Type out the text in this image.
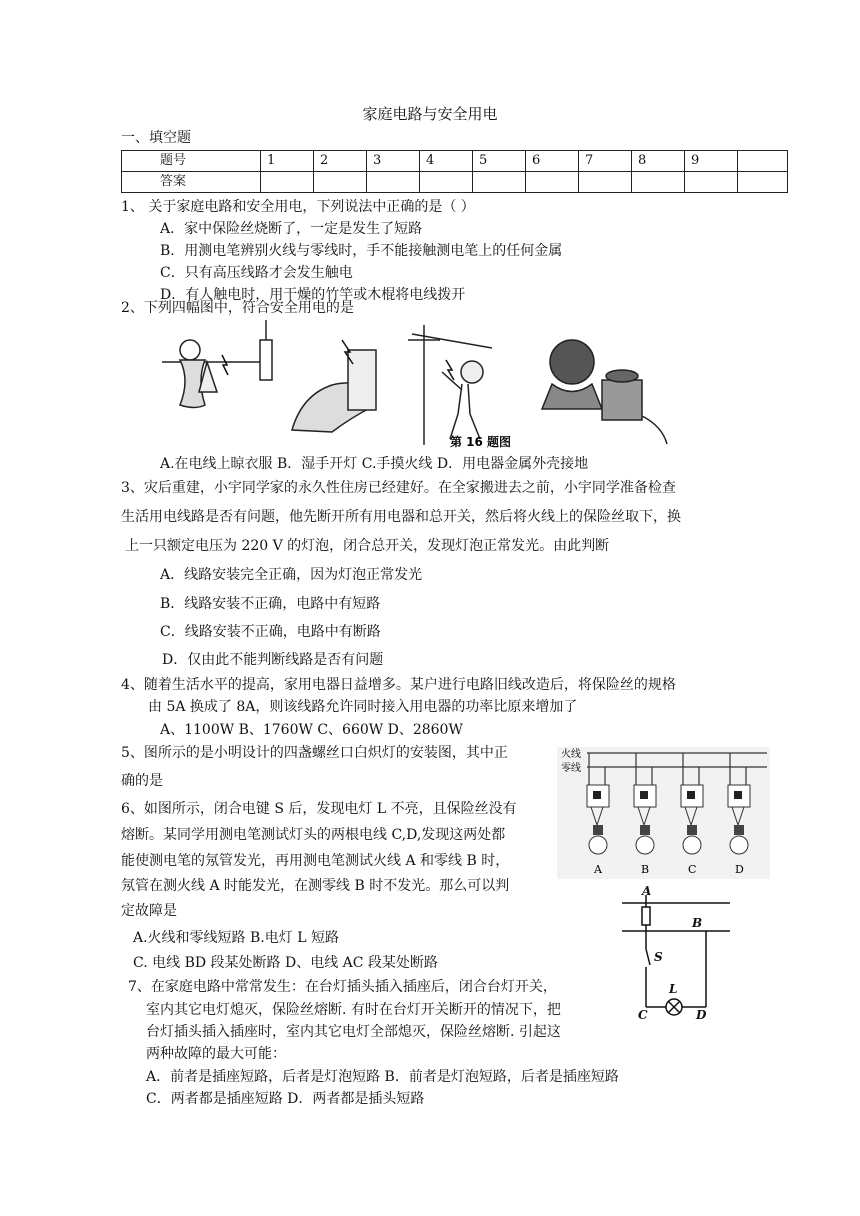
家庭电路与安全用电
一、填空题
题号	1	2	3	4	5	6	7	8	9	
答案										
1、 关于家庭电路和安全用电，下列说法中正确的是（ ）
A．家中保险丝烧断了，一定是发生了短路
B．用测电笔辨别火线与零线时，手不能接触测电笔上的任何金属
C．只有高压线路才会发生触电
D．有人触电时，用干燥的竹竿或木棍将电线拨开
2、下列四幅图中，符合安全用电的是
第 16 题图
A.在电线上晾衣服 B．湿手开灯 C.手摸火线 D．用电器金属外壳接地
3、灾后重建，小宇同学家的永久性住房已经建好。在全家搬进去之前，小宇同学准备检查
生活用电线路是否有问题，他先断开所有用电器和总开关，然后将火线上的保险丝取下，换
上一只额定电压为 220 V 的灯泡，闭合总开关，发现灯泡正常发光。由此判断
A．线路安装完全正确，因为灯泡正常发光
B．线路安装不正确，电路中有短路
C．线路安装不正确，电路中有断路
D．仅由此不能判断线路是否有问题
4、随着生活水平的提高，家用电器日益增多。某户进行电路旧线改造后，将保险丝的规格
由 5A 换成了 8A，则该线路允许同时接入用电器的功率比原来增加了
A、1100W B、1760W C、660W D、2860W
5、图所示的是小明设计的四盏螺丝口白炽灯的安装图，其中正
确的是
火线
零线
A	B	C	D
6、如图所示，闭合电键 S 后，发现电灯 L 不亮，且保险丝没有
熔断。某同学用测电笔测试灯头的两根电线 C,D,发现这两处都
能使测电笔的氖管发光，再用测电笔测试火线 A 和零线 B 时，
氖管在测火线 A 时能发光，在测零线 B 时不发光。那么可以判
定故障是
A.火线和零线短路 B.电灯 L 短路
C. 电线 BD 段某处断路 D、电线 AC 段某处断路
A
B
S
L
C	D
7、在家庭电路中常常发生：在台灯插头插入插座后，闭合台灯开关，
室内其它电灯熄灭，保险丝熔断. 有时在台灯开关断开的情况下，把
台灯插头插入插座时，室内其它电灯全部熄灭，保险丝熔断. 引起这
两种故障的最大可能：
A．前者是插座短路，后者是灯泡短路 B．前者是灯泡短路，后者是插座短路
C．两者都是插座短路 D．两者都是插头短路
